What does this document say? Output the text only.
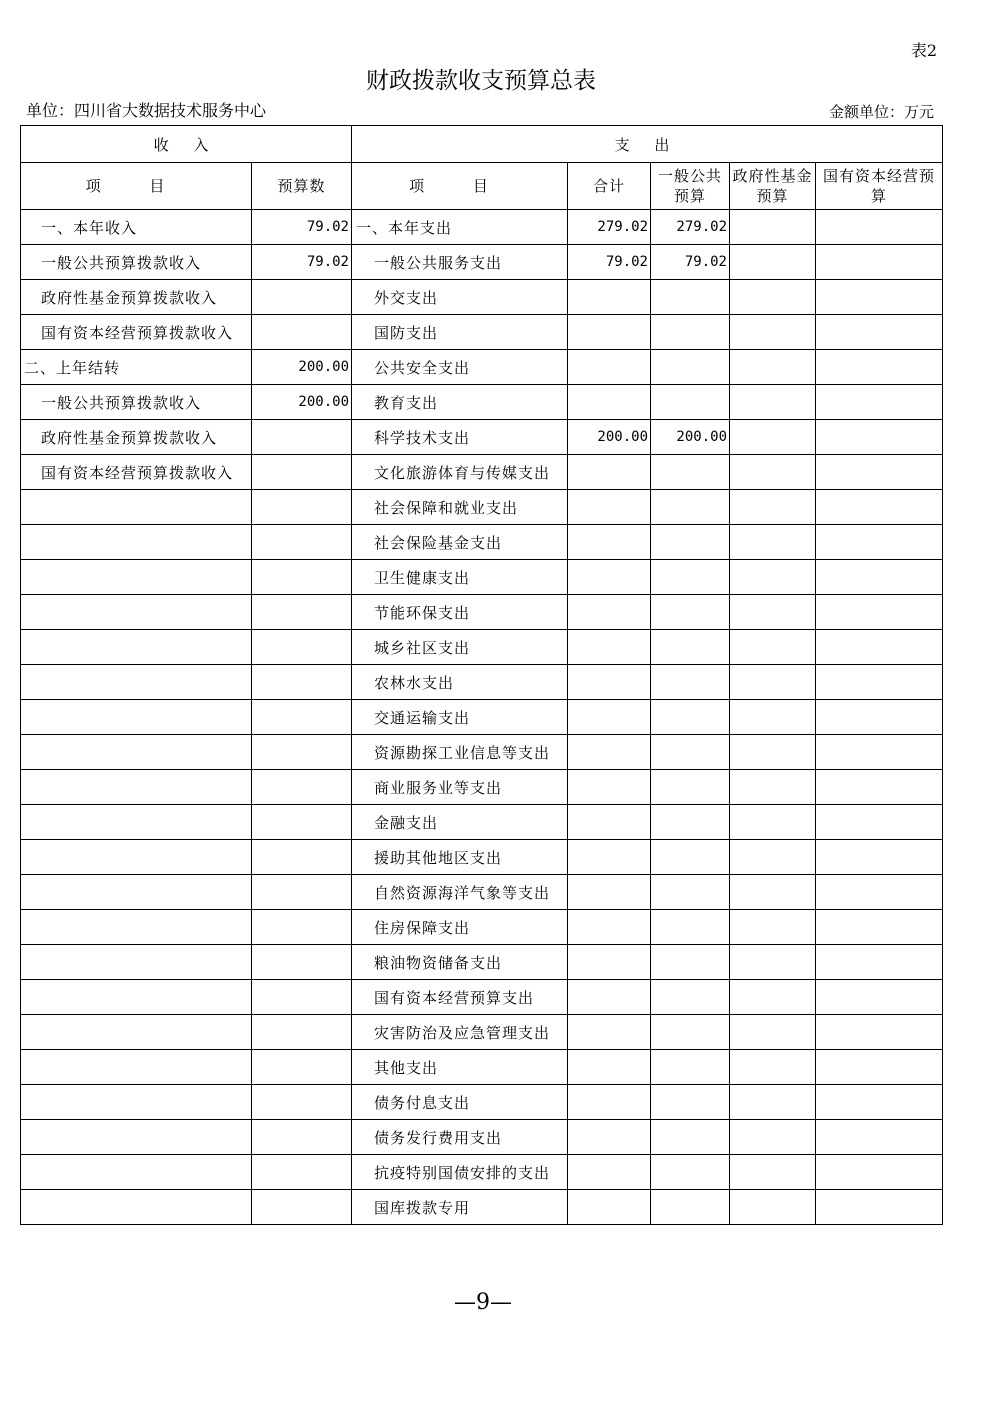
表2
财政拨款收支预算总表
单位：四川省大数据技术服务中心	金额单位：万元
收 入		支 出				
项 目	预算数	项 目	合计	一般公共预算	政府性基金预算	国有资本经营预算
一、本年收入	79.02	一、本年支出	279.02	279.02		
一般公共预算拨款收入	79.02	一般公共服务支出	79.02	79.02		
政府性基金预算拨款收入		外交支出				
国有资本经营预算拨款收入		国防支出				
二、上年结转	200.00	公共安全支出				
一般公共预算拨款收入	200.00	教育支出				
政府性基金预算拨款收入		科学技术支出	200.00	200.00		
国有资本经营预算拨款收入		文化旅游体育与传媒支出				
		社会保障和就业支出				
		社会保险基金支出				
		卫生健康支出				
		节能环保支出				
		城乡社区支出				
		农林水支出				
		交通运输支出				
		资源勘探工业信息等支出				
		商业服务业等支出				
		金融支出				
		援助其他地区支出				
		自然资源海洋气象等支出				
		住房保障支出				
		粮油物资储备支出				
		国有资本经营预算支出				
		灾害防治及应急管理支出				
		其他支出				
		债务付息支出				
		债务发行费用支出				
		抗疫特别国债安排的支出				
		国库拨款专用				
—9—
